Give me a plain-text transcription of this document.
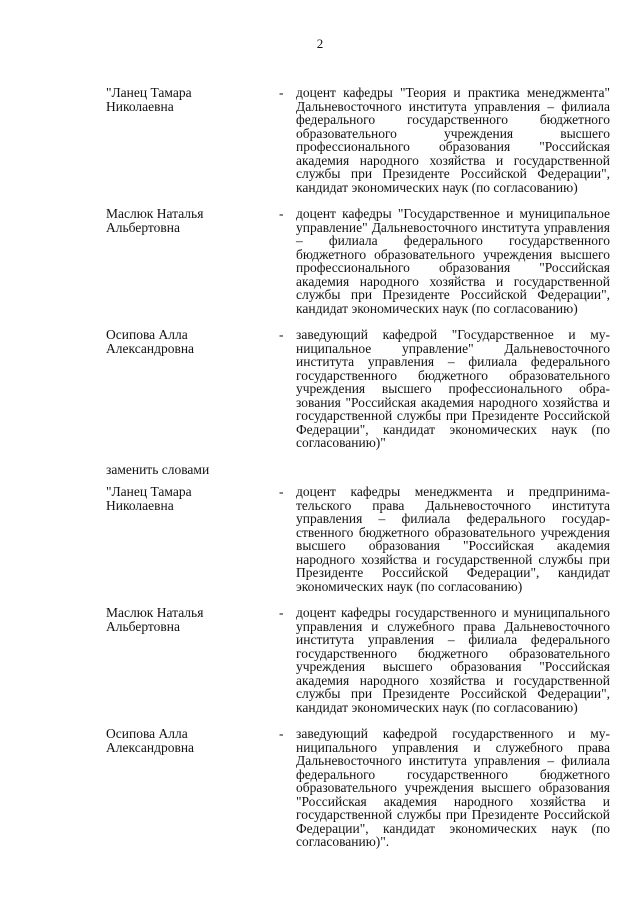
2
"Ланец Тамара
Николаевна
- доцент кафедры "Теория и практика менеджмента" Дальневосточного института управления – филиала федерального государственного бюджетного образовательного учреждения высшего профессионального образования "Российская академия народного хозяйства и государственной службы при Президенте Российской Федерации", кандидат экономических наук (по согласованию)
Маслюк Наталья
Альбертовна
- доцент кафедры "Государственное и муниципальное управление" Дальневосточного института управления – филиала федерального государственного бюджетного образовательного учреждения высшего профессионального образования "Российская академия народного хозяйства и государственной службы при Президенте Российской Федерации", кандидат экономических наук (по согласованию)
Осипова Алла
Александровна
- заведующий кафедрой "Государственное и муниципальное управление" Дальневосточного института управления – филиала федерального государственного бюджетного образовательного учреждения высшего профессионального образования "Российская академия народного хозяйства и государственной службы при Президенте Российской Федерации", кандидат экономических наук (по согласованию)"
заменить словами
"Ланец Тамара
Николаевна
- доцент кафедры менеджмента и предпринимательского права Дальневосточного института управления – филиала федерального государственного бюджетного образовательного учреждения высшего образования "Российская академия народного хозяйства и государственной службы при Президенте Российской Федерации", кандидат экономических наук (по согласованию)
Маслюк Наталья
Альбертовна
- доцент кафедры государственного и муниципального управления и служебного права Дальневосточного института управления – филиала федерального государственного бюджетного образовательного учреждения высшего образования "Российская академия народного хозяйства и государственной службы при Президенте Российской Федерации", кандидат экономических наук (по согласованию)
Осипова Алла
Александровна
- заведующий кафедрой государственного и муниципального управления и служебного права Дальневосточного института управления – филиала федерального государственного бюджетного образовательного учреждения высшего образования "Российская академия народного хозяйства и государственной службы при Президенте Российской Федерации", кандидат экономических наук (по согласованию)".
